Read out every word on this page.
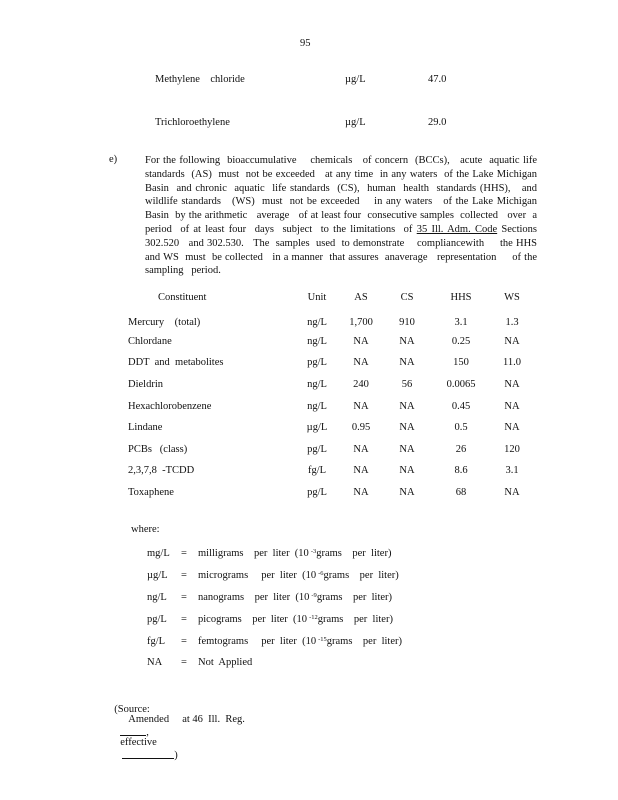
95
Methylene    chloride	µg/L	47.0
Trichloroethylene	µg/L	29.0
e)	For the following  bioaccumulative    chemicals   of concern  (BCCs),   acute  aquatic life standards  (AS)  must  not be exceeded   at any time  in any waters  of the Lake Michigan  Basin  and chronic  aquatic  life standards  (CS),  human  health  standards (HHS),   and wildlife standards   (WS)  must  not be exceeded    in any waters   of the Lake Michigan  Basin  by the arithmetic   average   of at least four  consecutive samples  collected   over  a period  of at least four  days  subject  to the limitations  of 35 Ill. Adm. Code Sections  302.520   and 302.530.   The  samples  used  to demonstrate    compliancewith     the HHS  and WS  must  be collected   in a manner  that assures  anaverage   representation     of the sampling   period.
Constituent	Unit	AS	CS	HHS	WS
Mercury    (total)	ng/L	1,700	910	3.1	1.3
Chlordane	ng/L	NA	NA	0.25	NA
DDT  and  metabolites	pg/L	NA	NA	150	11.0
Dieldrin	ng/L	240	56	0.0065	NA
Hexachlorobenzene	ng/L	NA	NA	0.45	NA
Lindane	µg/L	0.95	NA	0.5	NA
PCBs   (class)	pg/L	NA	NA	26	120
2,3,7,8  -TCDD	fg/L	NA	NA	8.6	3.1
Toxaphene	pg/L	NA	NA	68	NA
where:
mg/L = milligrams    per  liter  (10 $^{-3}$grams    per  liter)
µg/L = micrograms     per  liter  (10 $^{-6}$grams    per  liter)
ng/L = nanograms    per  liter  (10 $^{-9}$grams    per  liter)
pg/L = picograms    per  liter  (10 $^{-12}$grams    per  liter)
fg/L = femtograms     per  liter  (10 $^{-15}$grams    per  liter)
NA = Not  Applied

(Source:
Amended     at 46  Ill.  Reg.
,
effective
)
